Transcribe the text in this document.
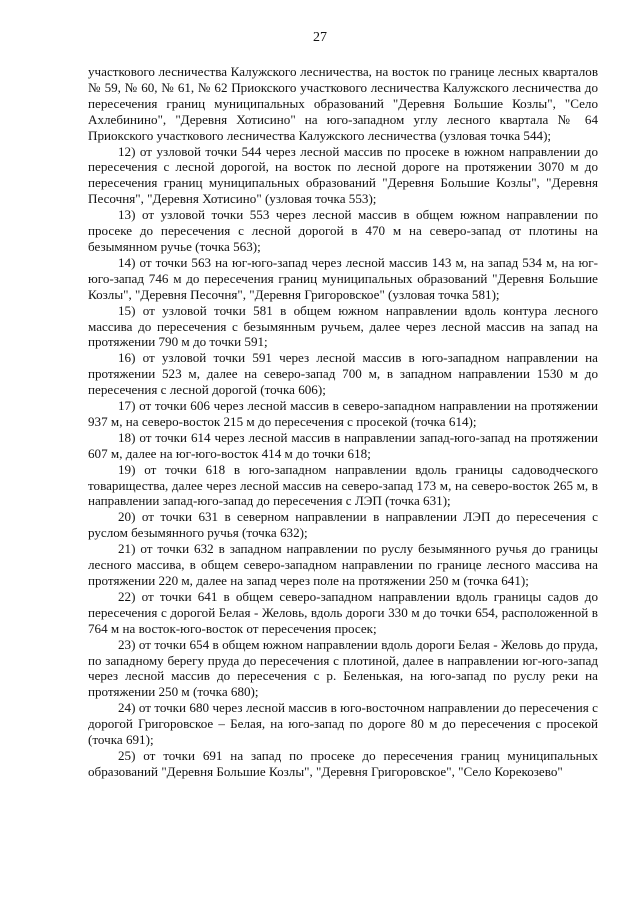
27

участкового лесничества Калужского лесничества, на восток по границе лесных кварталов № 59, № 60, № 61, № 62 Приокского участкового лесничества Калужского лесничества до пересечения границ муниципальных образований "Деревня Большие Козлы", "Село Ахлебинино", "Деревня Хотисино" на юго-западном углу лесного квартала № 64 Приокского участкового лесничества Калужского лесничества (узловая точка 544);

12) от узловой точки 544 через лесной массив по просеке в южном направлении до пересечения с лесной дорогой, на восток по лесной дороге на протяжении 3070 м до пересечения границ муниципальных образований "Деревня Большие Козлы", "Деревня Песочня", "Деревня Хотисино" (узловая точка 553);

13) от узловой точки 553 через лесной массив в общем южном направлении по просеке до пересечения с лесной дорогой в 470 м на северо-запад от плотины на безымянном ручье (точка 563);

14) от точки 563 на юг-юго-запад через лесной массив 143 м, на запад 534 м, на юг-юго-запад 746 м до пересечения границ муниципальных образований "Деревня Большие Козлы", "Деревня Песочня", "Деревня Григоровское" (узловая точка 581);

15) от узловой точки 581 в общем южном направлении вдоль контура лесного массива до пересечения с безымянным ручьем, далее через лесной массив на запад на протяжении 790 м до точки 591;

16) от узловой точки 591 через лесной массив в юго-западном направлении на протяжении 523 м, далее на северо-запад 700 м, в западном направлении 1530 м до пересечения с лесной дорогой (точка 606);

17) от точки 606 через лесной массив в северо-западном направлении на протяжении 937 м, на северо-восток 215 м до пересечения с просекой (точка 614);

18) от точки 614 через лесной массив в направлении запад-юго-запад на протяжении 607 м, далее на юг-юго-восток 414 м до точки 618;

19) от точки 618 в юго-западном направлении вдоль границы садоводческого товарищества, далее через лесной массив на северо-запад 173 м, на северо-восток 265 м, в направлении запад-юго-запад до пересечения с ЛЭП (точка 631);

20) от точки 631 в северном направлении в направлении ЛЭП до пересечения с руслом безымянного ручья (точка 632);

21) от точки 632 в западном направлении по руслу безымянного ручья до границы лесного массива, в общем северо-западном направлении по границе лесного массива на протяжении 220 м, далее на запад через поле на протяжении 250 м (точка 641);

22) от точки 641 в общем северо-западном направлении вдоль границы садов до пересечения с дорогой Белая - Желовь, вдоль дороги 330 м до точки 654, расположенной в 764 м на восток-юго-восток от пересечения просек;

23) от точки 654 в общем южном направлении вдоль дороги Белая - Желовь до пруда, по западному берегу пруда до пересечения с плотиной, далее в направлении юг-юго-запад через лесной массив до пересечения с р. Беленькая, на юго-запад по руслу реки на протяжении 250 м (точка 680);

24) от точки 680 через лесной массив в юго-восточном направлении до пересечения с дорогой Григоровское – Белая, на юго-запад по дороге 80 м до пересечения с просекой (точка 691);

25) от точки 691 на запад по просеке до пересечения границ муниципальных образований "Деревня Большие Козлы", "Деревня Григоровское", "Село Корекозево"
